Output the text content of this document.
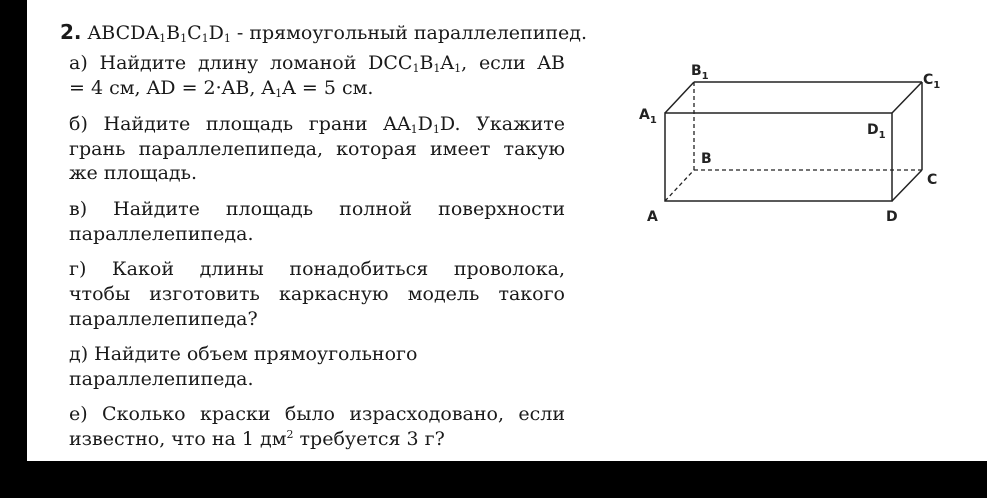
2. $ABCDA_1B_1C_1D_1$ - прямоугольный параллелепипед.
а) Найдите длину ломаной $DCC_1B_1A_1$, если AB
= 4 см, AD = 2·AB, $A_1A = 5$ см.
б) Найдите площадь грани $AA_1D_1D$. Укажите
грань параллелепипеда, которая имеет такую
же площадь.
в) Найдите площадь полной поверхности
параллелепипеда.
г) Какой длины понадобиться проволока,
чтобы изготовить каркасную модель такого
параллелепипеда?
д) Найдите объем прямоугольного
параллелепипеда.
е) Сколько краски было израсходовано, если
известно, что на 1 $дм^2$ требуется 3 г?
$B_1$	$C_1$
$A_1$
$D_1$
B
C
A	D
